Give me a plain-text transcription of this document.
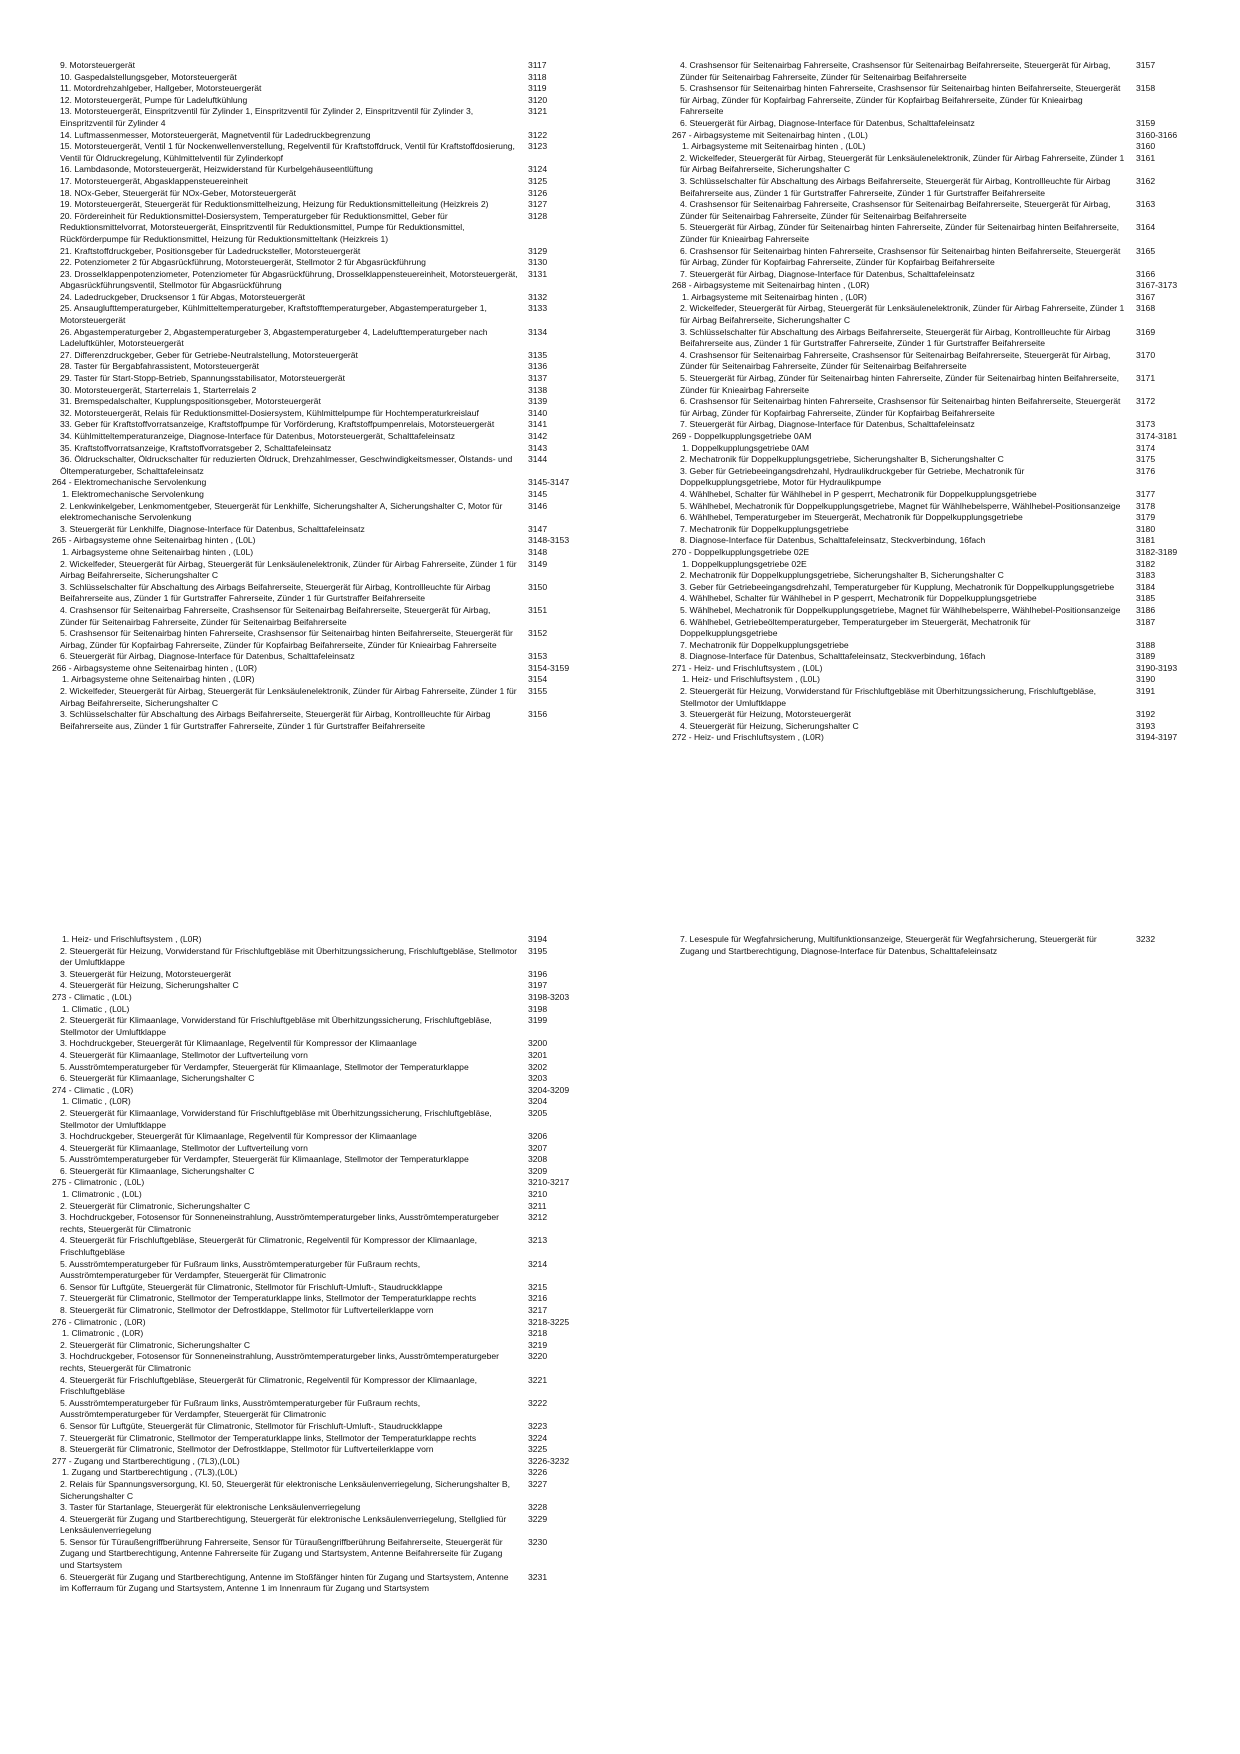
9. Motorsteuergerät	3117
10. Gaspedalstellungsgeber, Motorsteuergerät	3118
11. Motordrehzahlgeber, Hallgeber, Motorsteuergerät	3119
12. Motorsteuergerät, Pumpe für Ladeluftkühlung	3120
13. Motorsteuergerät, Einspritzventil für Zylinder 1, Einspritzventil für Zylinder 2, Einspritzventil für Zylinder 3, Einspritzventil für Zylinder 4
3121
14. Luftmassenmesser, Motorsteuergerät, Magnetventil für Ladedruckbegrenzung	3122
15. Motorsteuergerät, Ventil 1 für Nockenwellenverstellung, Regelventil für Kraftstoffdruck, Ventil für Kraftstoffdosierung, Ventil für Öldruckregelung, Kühlmittelventil für Zylinderkopf
3123
16. Lambdasonde, Motorsteuergerät, Heizwiderstand für Kurbelgehäuseentlüftung	3124
17. Motorsteuergerät, Abgasklappensteuereinheit	3125
18. NOx-Geber, Steuergerät für NOx-Geber, Motorsteuergerät	3126
19. Motorsteuergerät, Steuergerät für Reduktionsmittelheizung, Heizung für Reduktionsmittelleitung (Heizkreis 2)	3127
20. Fördereinheit für Reduktionsmittel-Dosiersystem, Temperaturgeber für Reduktionsmittel, Geber für Reduktionsmittelvorrat, Motorsteuergerät, Einspritzventil für Reduktionsmittel, Pumpe für Reduktionsmittel, Rückförderpumpe für Reduktionsmittel, Heizung für Reduktionsmitteltank (Heizkreis 1)
3128
21. Kraftstoffdruckgeber, Positionsgeber für Ladedrucksteller, Motorsteuergerät	3129
22. Potenziometer 2 für Abgasrückführung, Motorsteuergerät, Stellmotor 2 für Abgasrückführung	3130
23. Drosselklappenpotenziometer, Potenziometer für Abgasrückführung, Drosselklappensteuereinheit, Motorsteuergerät, Abgasrückführungsventil, Stellmotor für Abgasrückführung
3131
24. Ladedruckgeber, Drucksensor 1 für Abgas, Motorsteuergerät	3132
25. Ansauglufttemperaturgeber, Kühlmitteltemperaturgeber, Kraftstofftemperaturgeber, Abgastemperaturgeber 1, Motorsteuergerät
3133
26. Abgastemperaturgeber 2, Abgastemperaturgeber 3, Abgastemperaturgeber 4, Ladelufttemperaturgeber nach Ladeluftkühler, Motorsteuergerät
3134
27. Differenzdruckgeber, Geber für Getriebe-Neutralstellung, Motorsteuergerät	3135
28. Taster für Bergabfahrassistent, Motorsteuergerät	3136
29. Taster für Start-Stopp-Betrieb, Spannungsstabilisator, Motorsteuergerät	3137
30. Motorsteuergerät, Starterrelais 1, Starterrelais 2	3138
31. Bremspedalschalter, Kupplungspositionsgeber, Motorsteuergerät	3139
32. Motorsteuergerät, Relais für Reduktionsmittel-Dosiersystem, Kühlmittelpumpe für Hochtemperaturkreislauf	3140
33. Geber für Kraftstoffvorratsanzeige, Kraftstoffpumpe für Vorförderung, Kraftstoffpumpenrelais, Motorsteuergerät	3141
34. Kühlmitteltemperaturanzeige, Diagnose-Interface für Datenbus, Motorsteuergerät, Schalttafeleinsatz	3142
35. Kraftstoffvorratsanzeige, Kraftstoffvorratsgeber 2, Schalttafeleinsatz	3143
36. Öldruckschalter, Öldruckschalter für reduzierten Öldruck, Drehzahlmesser, Geschwindigkeitsmesser, Ölstands- und Öltemperaturgeber, Schalttafeleinsatz
3144
264 - Elektromechanische Servolenkung	3145-3147
1. Elektromechanische Servolenkung	3145
2. Lenkwinkelgeber, Lenkmomentgeber, Steuergerät für Lenkhilfe, Sicherungshalter A, Sicherungshalter C, Motor für elektromechanische Servolenkung
3146
3. Steuergerät für Lenkhilfe, Diagnose-Interface für Datenbus, Schalttafeleinsatz	3147
265 - Airbagsysteme ohne Seitenairbag hinten , (L0L)	3148-3153
1. Airbagsysteme ohne Seitenairbag hinten , (L0L)	3148
2. Wickelfeder, Steuergerät für Airbag, Steuergerät für Lenksäulenelektronik, Zünder für Airbag Fahrerseite, Zünder 1 für Airbag Beifahrerseite, Sicherungshalter C
3149
3. Schlüsselschalter für Abschaltung des Airbags Beifahrerseite, Steuergerät für Airbag, Kontrollleuchte für Airbag Beifahrerseite aus, Zünder 1 für Gurtstraffer Fahrerseite, Zünder 1 für Gurtstraffer Beifahrerseite
3150
4. Crashsensor für Seitenairbag Fahrerseite, Crashsensor für Seitenairbag Beifahrerseite, Steuergerät für Airbag, Zünder für Seitenairbag Fahrerseite, Zünder für Seitenairbag Beifahrerseite
3151
5. Crashsensor für Seitenairbag hinten Fahrerseite, Crashsensor für Seitenairbag hinten Beifahrerseite, Steuergerät für Airbag, Zünder für Kopfairbag Fahrerseite, Zünder für Kopfairbag Beifahrerseite, Zünder für Knieairbag Fahrerseite
3152
6. Steuergerät für Airbag, Diagnose-Interface für Datenbus, Schalttafeleinsatz	3153
266 - Airbagsysteme ohne Seitenairbag hinten , (L0R)	3154-3159
1. Airbagsysteme ohne Seitenairbag hinten , (L0R)	3154
2. Wickelfeder, Steuergerät für Airbag, Steuergerät für Lenksäulenelektronik, Zünder für Airbag Fahrerseite, Zünder 1 für Airbag Beifahrerseite, Sicherungshalter C
3155
3. Schlüsselschalter für Abschaltung des Airbags Beifahrerseite, Steuergerät für Airbag, Kontrollleuchte für Airbag Beifahrerseite aus, Zünder 1 für Gurtstraffer Fahrerseite, Zünder 1 für Gurtstraffer Beifahrerseite
3156
4. Crashsensor für Seitenairbag Fahrerseite, Crashsensor für Seitenairbag Beifahrerseite, Steuergerät für Airbag, Zünder für Seitenairbag Fahrerseite, Zünder für Seitenairbag Beifahrerseite
3157
5. Crashsensor für Seitenairbag hinten Fahrerseite, Crashsensor für Seitenairbag hinten Beifahrerseite, Steuergerät für Airbag, Zünder für Kopfairbag Fahrerseite, Zünder für Kopfairbag Beifahrerseite, Zünder für Knieairbag Fahrerseite
3158
6. Steuergerät für Airbag, Diagnose-Interface für Datenbus, Schalttafeleinsatz	3159
267 - Airbagsysteme mit Seitenairbag hinten , (L0L)	3160-3166
1. Airbagsysteme mit Seitenairbag hinten , (L0L)	3160
2. Wickelfeder, Steuergerät für Airbag, Steuergerät für Lenksäulenelektronik, Zünder für Airbag Fahrerseite, Zünder 1 für Airbag Beifahrerseite, Sicherungshalter C
3161
3. Schlüsselschalter für Abschaltung des Airbags Beifahrerseite, Steuergerät für Airbag, Kontrollleuchte für Airbag Beifahrerseite aus, Zünder 1 für Gurtstraffer Fahrerseite, Zünder 1 für Gurtstraffer Beifahrerseite
3162
4. Crashsensor für Seitenairbag Fahrerseite, Crashsensor für Seitenairbag Beifahrerseite, Steuergerät für Airbag, Zünder für Seitenairbag Fahrerseite, Zünder für Seitenairbag Beifahrerseite
3163
5. Steuergerät für Airbag, Zünder für Seitenairbag hinten Fahrerseite, Zünder für Seitenairbag hinten Beifahrerseite, Zünder für Knieairbag Fahrerseite
3164
6. Crashsensor für Seitenairbag hinten Fahrerseite, Crashsensor für Seitenairbag hinten Beifahrerseite, Steuergerät für Airbag, Zünder für Kopfairbag Fahrerseite, Zünder für Kopfairbag Beifahrerseite
3165
7. Steuergerät für Airbag, Diagnose-Interface für Datenbus, Schalttafeleinsatz	3166
268 - Airbagsysteme mit Seitenairbag hinten , (L0R)	3167-3173
1. Airbagsysteme mit Seitenairbag hinten , (L0R)	3167
2. Wickelfeder, Steuergerät für Airbag, Steuergerät für Lenksäulenelektronik, Zünder für Airbag Fahrerseite, Zünder 1 für Airbag Beifahrerseite, Sicherungshalter C
3168
3. Schlüsselschalter für Abschaltung des Airbags Beifahrerseite, Steuergerät für Airbag, Kontrollleuchte für Airbag Beifahrerseite aus, Zünder 1 für Gurtstraffer Fahrerseite, Zünder 1 für Gurtstraffer Beifahrerseite
3169
4. Crashsensor für Seitenairbag Fahrerseite, Crashsensor für Seitenairbag Beifahrerseite, Steuergerät für Airbag, Zünder für Seitenairbag Fahrerseite, Zünder für Seitenairbag Beifahrerseite
3170
5. Steuergerät für Airbag, Zünder für Seitenairbag hinten Fahrerseite, Zünder für Seitenairbag hinten Beifahrerseite, Zünder für Knieairbag Fahrerseite
3171
6. Crashsensor für Seitenairbag hinten Fahrerseite, Crashsensor für Seitenairbag hinten Beifahrerseite, Steuergerät für Airbag, Zünder für Kopfairbag Fahrerseite, Zünder für Kopfairbag Beifahrerseite
3172
7. Steuergerät für Airbag, Diagnose-Interface für Datenbus, Schalttafeleinsatz	3173
269 - Doppelkupplungsgetriebe 0AM	3174-3181
1. Doppelkupplungsgetriebe 0AM	3174
2. Mechatronik für Doppelkupplungsgetriebe, Sicherungshalter B, Sicherungshalter C	3175
3. Geber für Getriebeeingangsdrehzahl, Hydraulikdruckgeber für Getriebe, Mechatronik für Doppelkupplungsgetriebe, Motor für Hydraulikpumpe
3176
4. Wählhebel, Schalter für Wählhebel in P gesperrt, Mechatronik für Doppelkupplungsgetriebe	3177
5. Wählhebel, Mechatronik für Doppelkupplungsgetriebe, Magnet für Wählhebelsperre, Wählhebel-Positionsanzeige	3178
6. Wählhebel, Temperaturgeber im Steuergerät, Mechatronik für Doppelkupplungsgetriebe	3179
7. Mechatronik für Doppelkupplungsgetriebe	3180
8. Diagnose-Interface für Datenbus, Schalttafeleinsatz, Steckverbindung, 16fach	3181
270 - Doppelkupplungsgetriebe 02E	3182-3189
1. Doppelkupplungsgetriebe 02E	3182
2. Mechatronik für Doppelkupplungsgetriebe, Sicherungshalter B, Sicherungshalter C	3183
3. Geber für Getriebeeingangsdrehzahl, Temperaturgeber für Kupplung, Mechatronik für Doppelkupplungsgetriebe	3184
4. Wählhebel, Schalter für Wählhebel in P gesperrt, Mechatronik für Doppelkupplungsgetriebe	3185
5. Wählhebel, Mechatronik für Doppelkupplungsgetriebe, Magnet für Wählhebelsperre, Wählhebel-Positionsanzeige	3186
6. Wählhebel, Getriebeöltemperaturgeber, Temperaturgeber im Steuergerät, Mechatronik für Doppelkupplungsgetriebe
3187
7. Mechatronik für Doppelkupplungsgetriebe	3188
8. Diagnose-Interface für Datenbus, Schalttafeleinsatz, Steckverbindung, 16fach	3189
271 - Heiz- und Frischluftsystem , (L0L)	3190-3193
1. Heiz- und Frischluftsystem , (L0L)	3190
2. Steuergerät für Heizung, Vorwiderstand für Frischluftgebläse mit Überhitzungssicherung, Frischluftgebläse, Stellmotor der Umluftklappe
3191
3. Steuergerät für Heizung, Motorsteuergerät	3192
4. Steuergerät für Heizung, Sicherungshalter C	3193
272 - Heiz- und Frischluftsystem , (L0R)	3194-3197
1. Heiz- und Frischluftsystem , (L0R)	3194
2. Steuergerät für Heizung, Vorwiderstand für Frischluftgebläse mit Überhitzungssicherung, Frischluftgebläse, Stellmotor der Umluftklappe
3195
3. Steuergerät für Heizung, Motorsteuergerät	3196
4. Steuergerät für Heizung, Sicherungshalter C	3197
273 - Climatic , (L0L)	3198-3203
1. Climatic , (L0L)	3198
2. Steuergerät für Klimaanlage, Vorwiderstand für Frischluftgebläse mit Überhitzungssicherung, Frischluftgebläse, Stellmotor der Umluftklappe
3199
3. Hochdruckgeber, Steuergerät für Klimaanlage, Regelventil für Kompressor der Klimaanlage	3200
4. Steuergerät für Klimaanlage, Stellmotor der Luftverteilung vorn	3201
5. Ausströmtemperaturgeber für Verdampfer, Steuergerät für Klimaanlage, Stellmotor der Temperaturklappe	3202
6. Steuergerät für Klimaanlage, Sicherungshalter C	3203
274 - Climatic , (L0R)	3204-3209
1. Climatic , (L0R)	3204
2. Steuergerät für Klimaanlage, Vorwiderstand für Frischluftgebläse mit Überhitzungssicherung, Frischluftgebläse, Stellmotor der Umluftklappe
3205
3. Hochdruckgeber, Steuergerät für Klimaanlage, Regelventil für Kompressor der Klimaanlage	3206
4. Steuergerät für Klimaanlage, Stellmotor der Luftverteilung vorn	3207
5. Ausströmtemperaturgeber für Verdampfer, Steuergerät für Klimaanlage, Stellmotor der Temperaturklappe	3208
6. Steuergerät für Klimaanlage, Sicherungshalter C	3209
275 - Climatronic , (L0L)	3210-3217
1. Climatronic , (L0L)	3210
2. Steuergerät für Climatronic, Sicherungshalter C	3211
3. Hochdruckgeber, Fotosensor für Sonneneinstrahlung, Ausströmtemperaturgeber links, Ausströmtemperaturgeber rechts, Steuergerät für Climatronic
3212
4. Steuergerät für Frischluftgebläse, Steuergerät für Climatronic, Regelventil für Kompressor der Klimaanlage, Frischluftgebläse
3213
5. Ausströmtemperaturgeber für Fußraum links, Ausströmtemperaturgeber für Fußraum rechts, Ausströmtemperaturgeber für Verdampfer, Steuergerät für Climatronic
3214
6. Sensor für Luftgüte, Steuergerät für Climatronic, Stellmotor für Frischluft-Umluft-, Staudruckklappe	3215
7. Steuergerät für Climatronic, Stellmotor der Temperaturklappe links, Stellmotor der Temperaturklappe rechts	3216
8. Steuergerät für Climatronic, Stellmotor der Defrostklappe, Stellmotor für Luftverteilerklappe vorn	3217
276 - Climatronic , (L0R)	3218-3225
1. Climatronic , (L0R)	3218
2. Steuergerät für Climatronic, Sicherungshalter C	3219
3. Hochdruckgeber, Fotosensor für Sonneneinstrahlung, Ausströmtemperaturgeber links, Ausströmtemperaturgeber rechts, Steuergerät für Climatronic
3220
4. Steuergerät für Frischluftgebläse, Steuergerät für Climatronic, Regelventil für Kompressor der Klimaanlage, Frischluftgebläse
3221
5. Ausströmtemperaturgeber für Fußraum links, Ausströmtemperaturgeber für Fußraum rechts, Ausströmtemperaturgeber für Verdampfer, Steuergerät für Climatronic
3222
6. Sensor für Luftgüte, Steuergerät für Climatronic, Stellmotor für Frischluft-Umluft-, Staudruckklappe	3223
7. Steuergerät für Climatronic, Stellmotor der Temperaturklappe links, Stellmotor der Temperaturklappe rechts	3224
8. Steuergerät für Climatronic, Stellmotor der Defrostklappe, Stellmotor für Luftverteilerklappe vorn	3225
277 - Zugang und Startberechtigung , (7L3),(L0L)	3226-3232
1. Zugang und Startberechtigung , (7L3),(L0L)	3226
2. Relais für Spannungsversorgung, Kl. 50, Steuergerät für elektronische Lenksäulenverriegelung, Sicherungshalter B, Sicherungshalter C
3227
3. Taster für Startanlage, Steuergerät für elektronische Lenksäulenverriegelung	3228
4. Steuergerät für Zugang und Startberechtigung, Steuergerät für elektronische Lenksäulenverriegelung, Stellglied für Lenksäulenverriegelung
3229
5. Sensor für Türaußengriffberührung Fahrerseite, Sensor für Türaußengriffberührung Beifahrerseite, Steuergerät für Zugang und Startberechtigung, Antenne Fahrerseite für Zugang und Startsystem, Antenne Beifahrerseite für Zugang und Startsystem
3230
6. Steuergerät für Zugang und Startberechtigung, Antenne im Stoßfänger hinten für Zugang und Startsystem, Antenne im Kofferraum für Zugang und Startsystem, Antenne 1 im Innenraum für Zugang und Startsystem
3231
7. Lesespule für Wegfahrsicherung, Multifunktionsanzeige, Steuergerät für Wegfahrsicherung, Steuergerät für Zugang und Startberechtigung, Diagnose-Interface für Datenbus, Schalttafeleinsatz
3232
